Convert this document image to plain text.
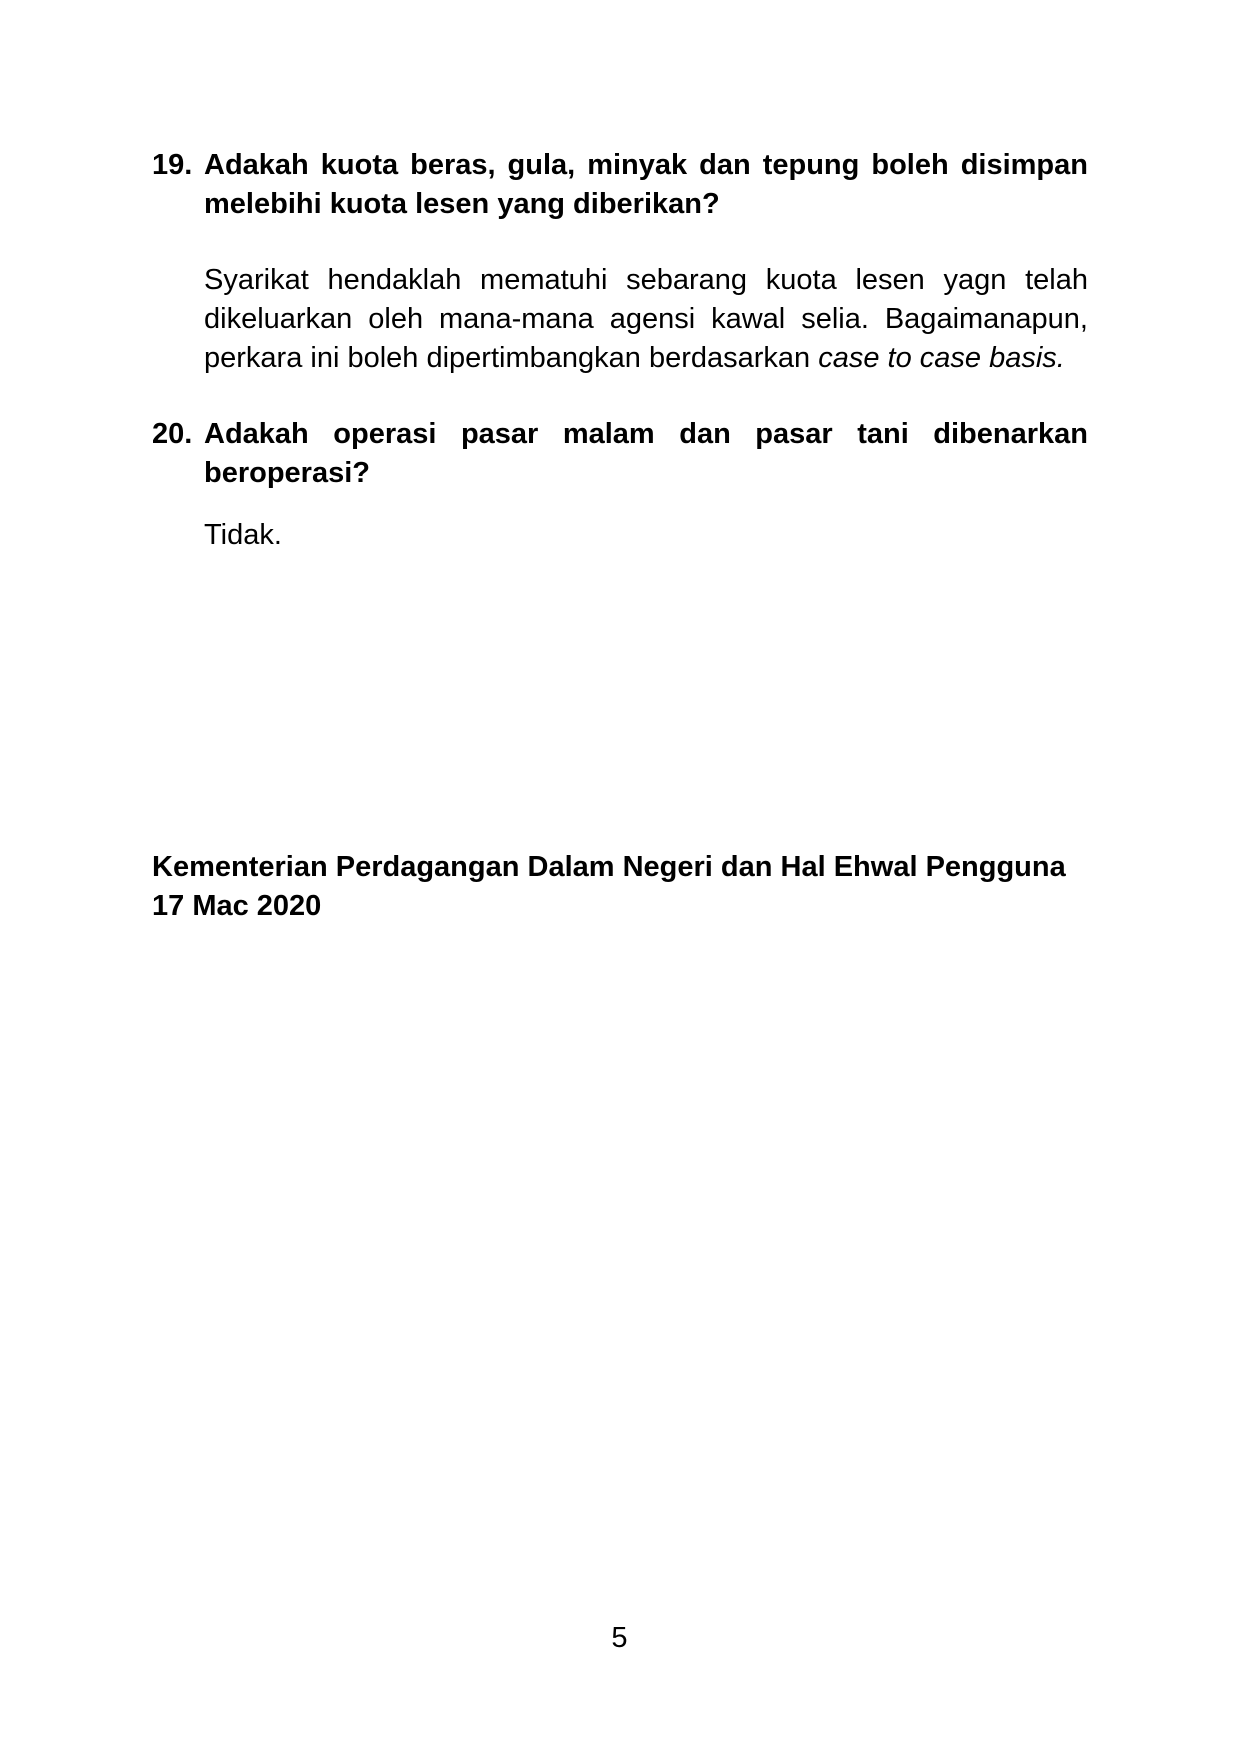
19. Adakah kuota beras, gula, minyak dan tepung boleh disimpan melebihi kuota lesen yang diberikan?

Syarikat hendaklah mematuhi sebarang kuota lesen yagn telah dikeluarkan oleh mana-mana agensi kawal selia. Bagaimanapun, perkara ini boleh dipertimbangkan berdasarkan case to case basis.

20. Adakah operasi pasar malam dan pasar tani dibenarkan beroperasi?

Tidak.

Kementerian Perdagangan Dalam Negeri dan Hal Ehwal Pengguna
17 Mac 2020
5
